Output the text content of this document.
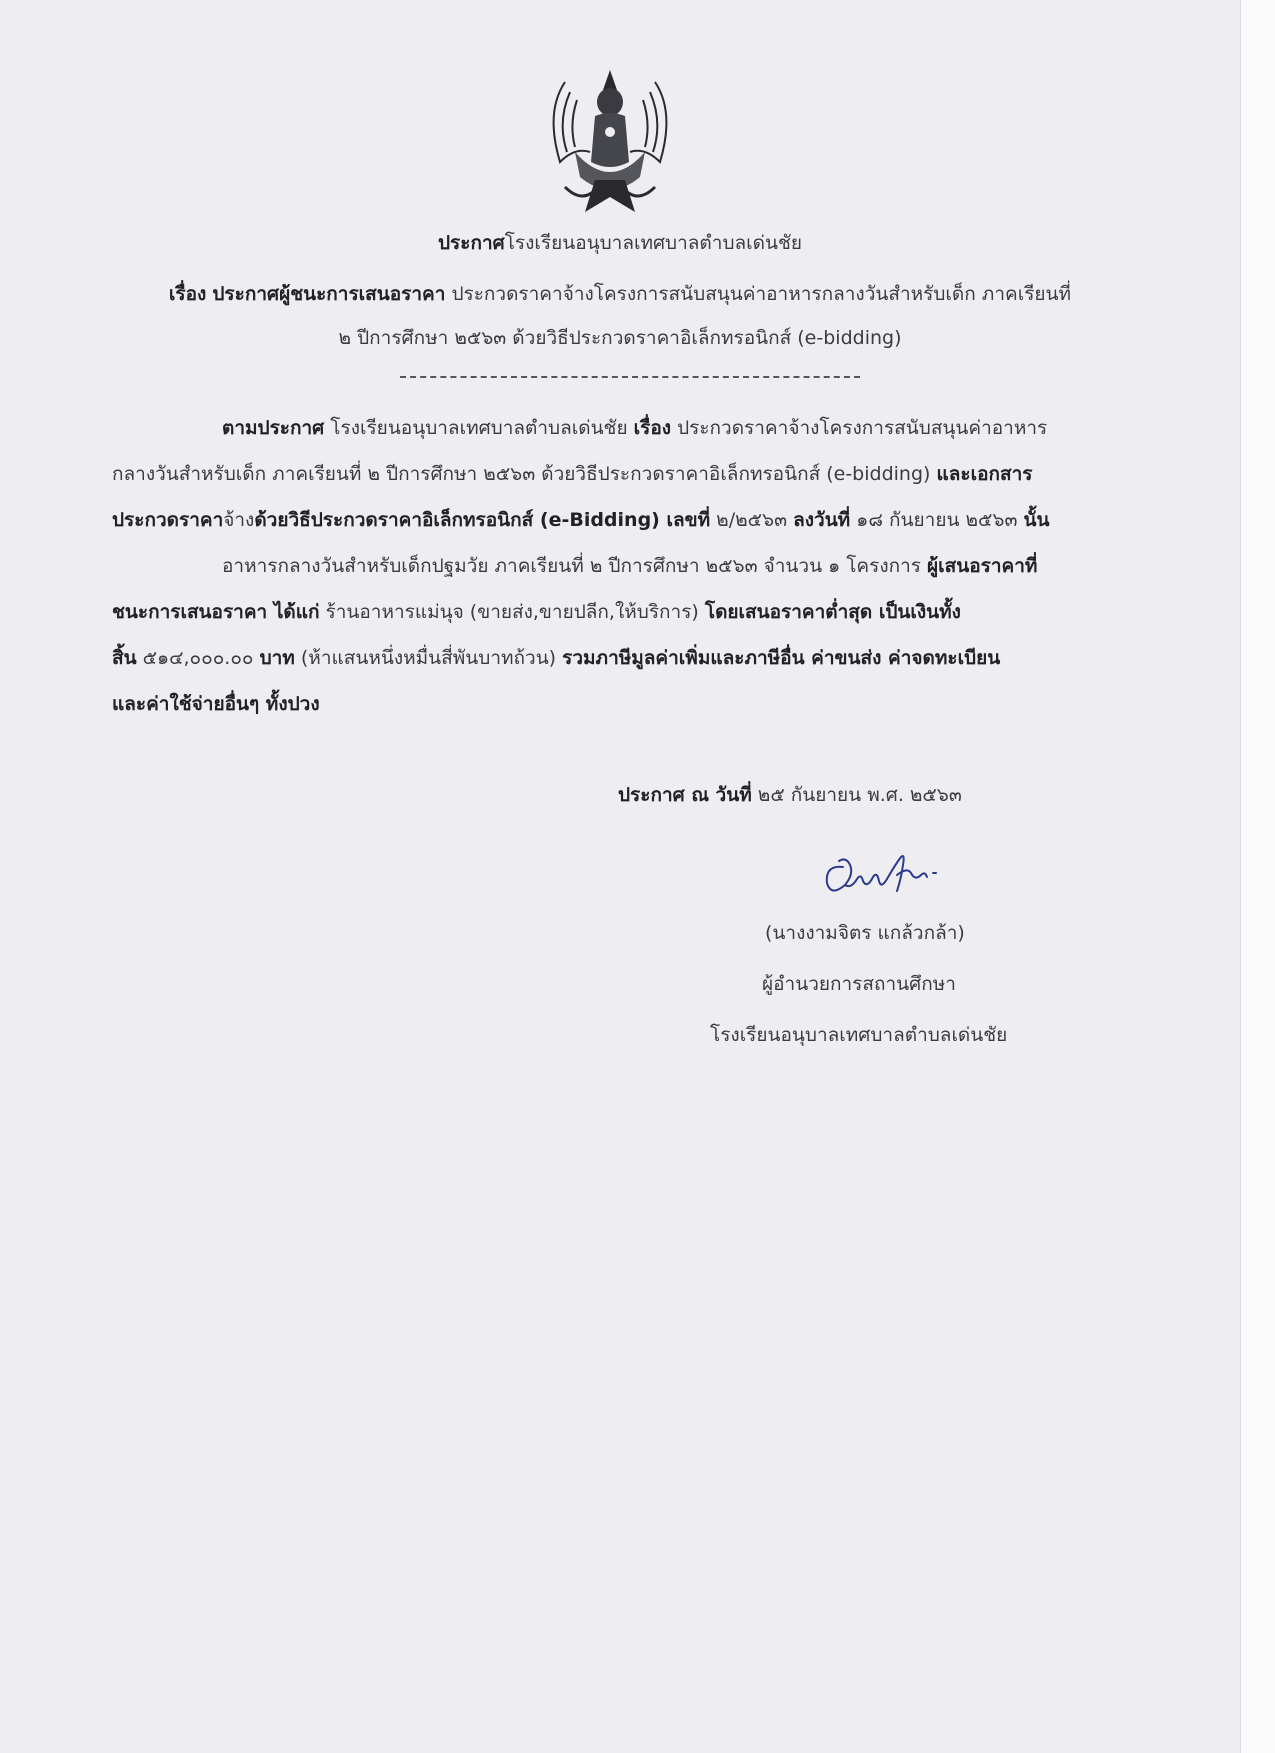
ประกาศโรงเรียนอนุบาลเทศบาลตำบลเด่นชัย
เรื่อง ประกาศผู้ชนะการเสนอราคา ประกวดราคาจ้างโครงการสนับสนุนค่าอาหารกลางวันสำหรับเด็ก ภาคเรียนที่
๒ ปีการศึกษา ๒๕๖๓ ด้วยวิธีประกวดราคาอิเล็กทรอนิกส์ (e-bidding)
ตามประกาศ โรงเรียนอนุบาลเทศบาลตำบลเด่นชัย เรื่อง ประกวดราคาจ้างโครงการสนับสนุนค่าอาหาร
กลางวันสำหรับเด็ก ภาคเรียนที่ ๒ ปีการศึกษา ๒๕๖๓ ด้วยวิธีประกวดราคาอิเล็กทรอนิกส์ (e-bidding) และเอกสาร
ประกวดราคาจ้างด้วยวิธีประกวดราคาอิเล็กทรอนิกส์ (e-Bidding) เลขที่ ๒/๒๕๖๓ ลงวันที่ ๑๘ กันยายน ๒๕๖๓ นั้น
อาหารกลางวันสำหรับเด็กปฐมวัย ภาคเรียนที่ ๒ ปีการศึกษา ๒๕๖๓ จำนวน ๑ โครงการ ผู้เสนอราคาที่
ชนะการเสนอราคา ได้แก่ ร้านอาหารแม่นุจ (ขายส่ง,ขายปลีก,ให้บริการ) โดยเสนอราคาต่ำสุด เป็นเงินทั้ง
สิ้น ๕๑๔,๐๐๐.๐๐ บาท (ห้าแสนหนึ่งหมื่นสี่พันบาทถ้วน) รวมภาษีมูลค่าเพิ่มและภาษีอื่น ค่าขนส่ง ค่าจดทะเบียน
และค่าใช้จ่ายอื่นๆ ทั้งปวง
ประกาศ ณ วันที่ ๒๕ กันยายน พ.ศ. ๒๕๖๓
(นางงามจิตร แกล้วกล้า)
ผู้อำนวยการสถานศึกษา
โรงเรียนอนุบาลเทศบาลตำบลเด่นชัย
